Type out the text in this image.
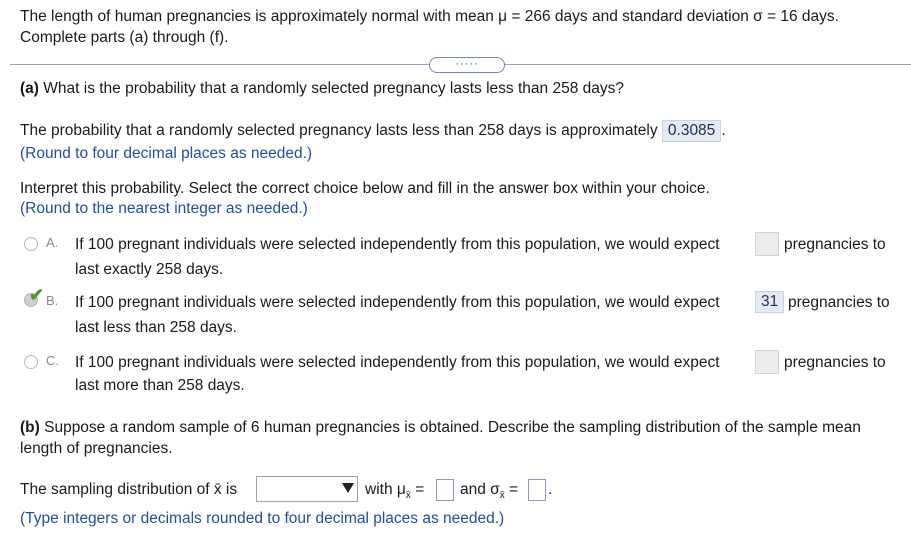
The length of human pregnancies is approximately normal with mean μ = 266 days and standard deviation σ = 16 days.
Complete parts (a) through (f).
·····
(a) What is the probability that a randomly selected pregnancy lasts less than 258 days?
The probability that a randomly selected pregnancy lasts less than 258 days is approximately 0.3085 .
(Round to four decimal places as needed.)
Interpret this probability. Select the correct choice below and fill in the answer box within your choice.
(Round to the nearest integer as needed.)
A. If 100 pregnant individuals were selected independently from this population, we would expect	pregnancies to
last exactly 258 days.
✔ B. If 100 pregnant individuals were selected independently from this population, we would expect	31 pregnancies to
last less than 258 days.
C. If 100 pregnant individuals were selected independently from this population, we would expect	pregnancies to
last more than 258 days.
(b) Suppose a random sample of 6 human pregnancies is obtained. Describe the sampling distribution of the sample mean
length of pregnancies.
The sampling distribution of x̄ is	with $\mu_{x̄}$ = and $\sigma_{x̄}$ = .
(Type integers or decimals rounded to four decimal places as needed.)
